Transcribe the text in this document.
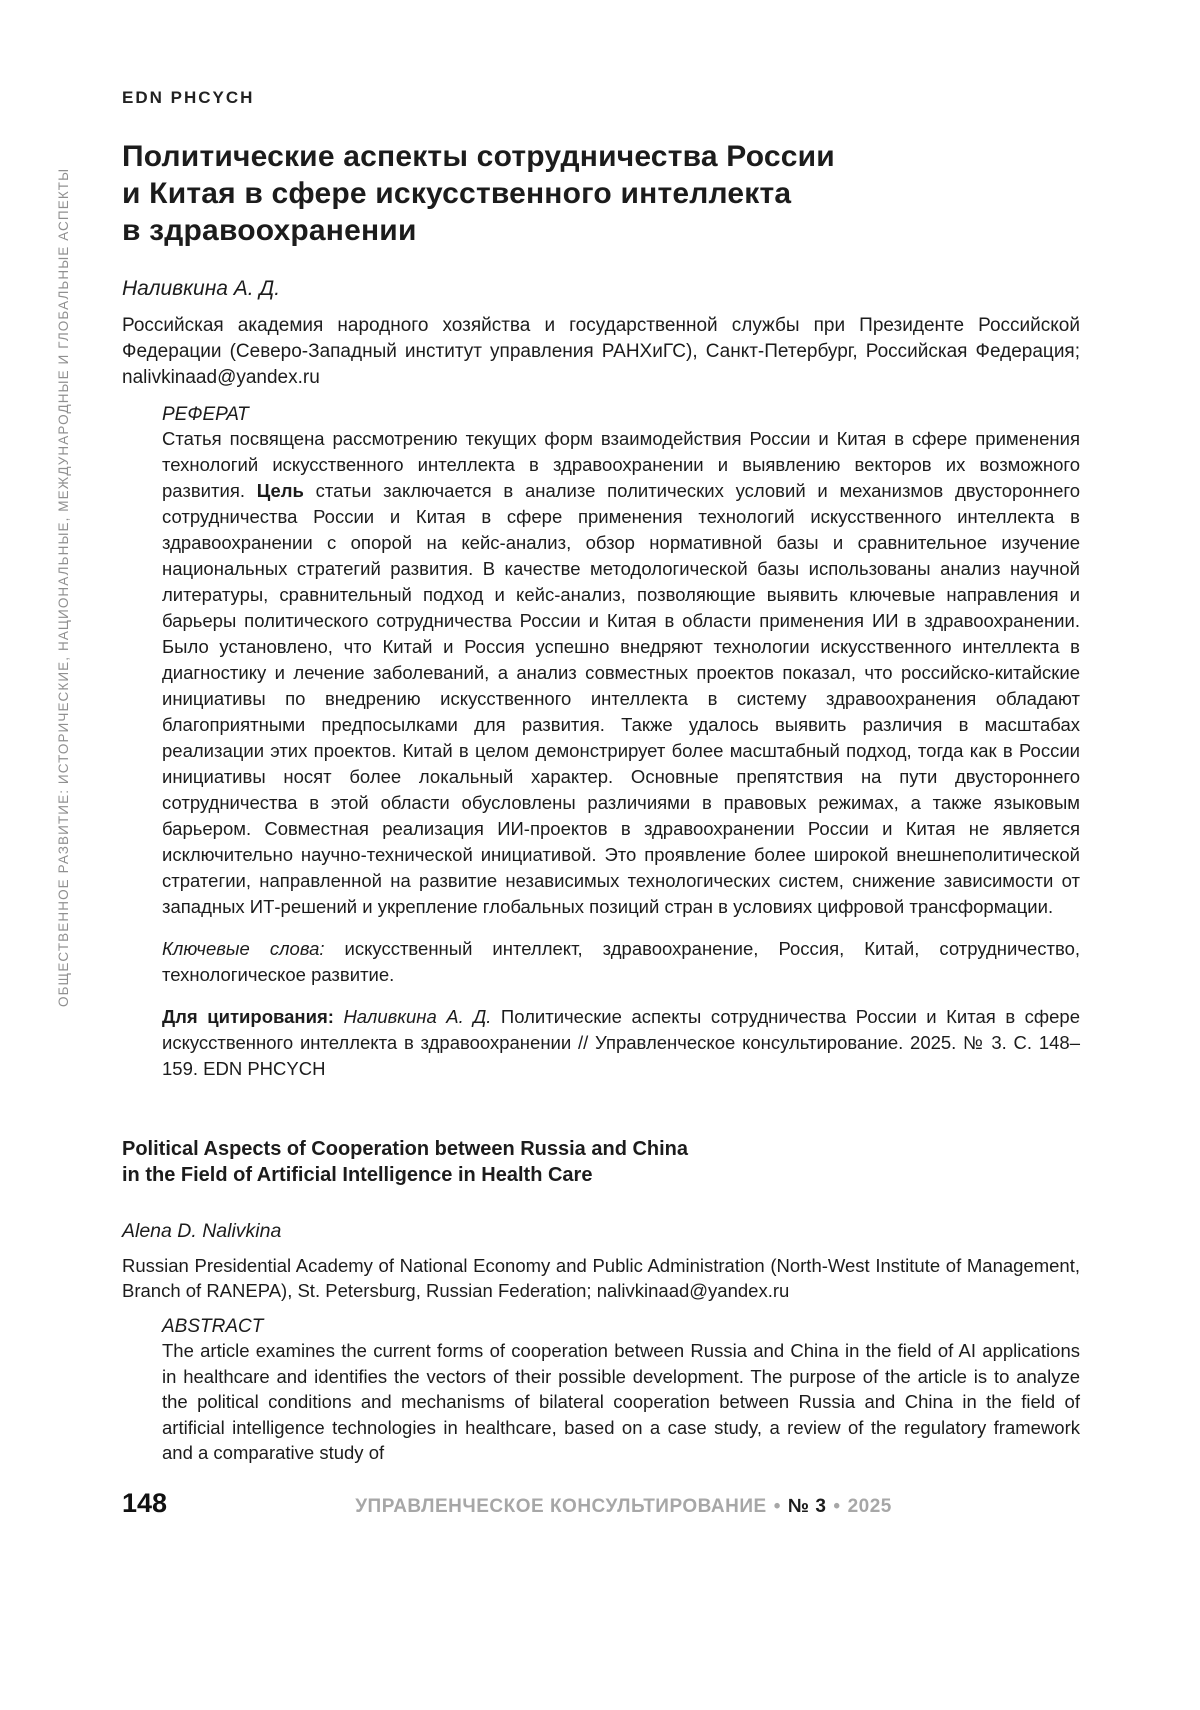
ОБЩЕСТВЕННОЕ РАЗВИТИЕ: ИСТОРИЧЕСКИЕ, НАЦИОНАЛЬНЫЕ, МЕЖДУНАРОДНЫЕ И ГЛОБАЛЬНЫЕ АСПЕКТЫ
EDN PHCYCH
Политические аспекты сотрудничества России
и Китая в сфере искусственного интеллекта
в здравоохранении
Наливкина А. Д.

Российская академия народного хозяйства и государственной службы при Президенте Российской Федерации (Северо-Западный институт управления РАНХиГС), Санкт-Петербург, Российская Федерация; nalivkinaad@yandex.ru

РЕФЕРАТ

Статья посвящена рассмотрению текущих форм взаимодействия России и Китая в сфере применения технологий искусственного интеллекта в здравоохранении и выявлению векторов их возможного развития. Цель статьи заключается в анализе политических условий и механизмов двустороннего сотрудничества России и Китая в сфере применения технологий искусственного интеллекта в здравоохранении с опорой на кейс-анализ, обзор нормативной базы и сравнительное изучение национальных стратегий развития. В качестве методологической базы использованы анализ научной литературы, сравнительный подход и кейс-анализ, позволяющие выявить ключевые направления и барьеры политического сотрудничества России и Китая в области применения ИИ в здравоохранении. Было установлено, что Китай и Россия успешно внедряют технологии искусственного интеллекта в диагностику и лечение заболеваний, а анализ совместных проектов показал, что российско-китайские инициативы по внедрению искусственного интеллекта в систему здравоохранения обладают благоприятными предпосылками для развития. Также удалось выявить различия в масштабах реализации этих проектов. Китай в целом демонстрирует более масштабный подход, тогда как в России инициативы носят более локальный характер. Основные препятствия на пути двустороннего сотрудничества в этой области обусловлены различиями в правовых режимах, а также языковым барьером. Совместная реализация ИИ-проектов в здравоохранении России и Китая не является исключительно научно-технической инициативой. Это проявление более широкой внешнеполитической стратегии, направленной на развитие независимых технологических систем, снижение зависимости от западных ИТ-решений и укрепление глобальных позиций стран в условиях цифровой трансформации.

Ключевые слова: искусственный интеллект, здравоохранение, Россия, Китай, сотрудничество, технологическое развитие.

Для цитирования: Наливкина А. Д. Политические аспекты сотрудничества России и Китая в сфере искусственного интеллекта в здравоохранении // Управленческое консультирование. 2025. № 3. С. 148–159. EDN PHCYCH

Political Aspects of Cooperation between Russia and China
in the Field of Artificial Intelligence in Health Care
Alena D. Nalivkina

Russian Presidential Academy of National Economy and Public Administration (North-West Institute of Management, Branch of RANEPA), St. Petersburg, Russian Federation; nalivkinaad@yandex.ru

ABSTRACT

The article examines the current forms of cooperation between Russia and China in the field of AI applications in healthcare and identifies the vectors of their possible development. The purpose of the article is to analyze the political conditions and mechanisms of bilateral cooperation between Russia and China in the field of artificial intelligence technologies in healthcare, based on a case study, a review of the regulatory framework and a comparative study of

148	УПРАВЛЕНЧЕСКОЕ КОНСУЛЬТИРОВАНИЕ • № 3 • 2025
